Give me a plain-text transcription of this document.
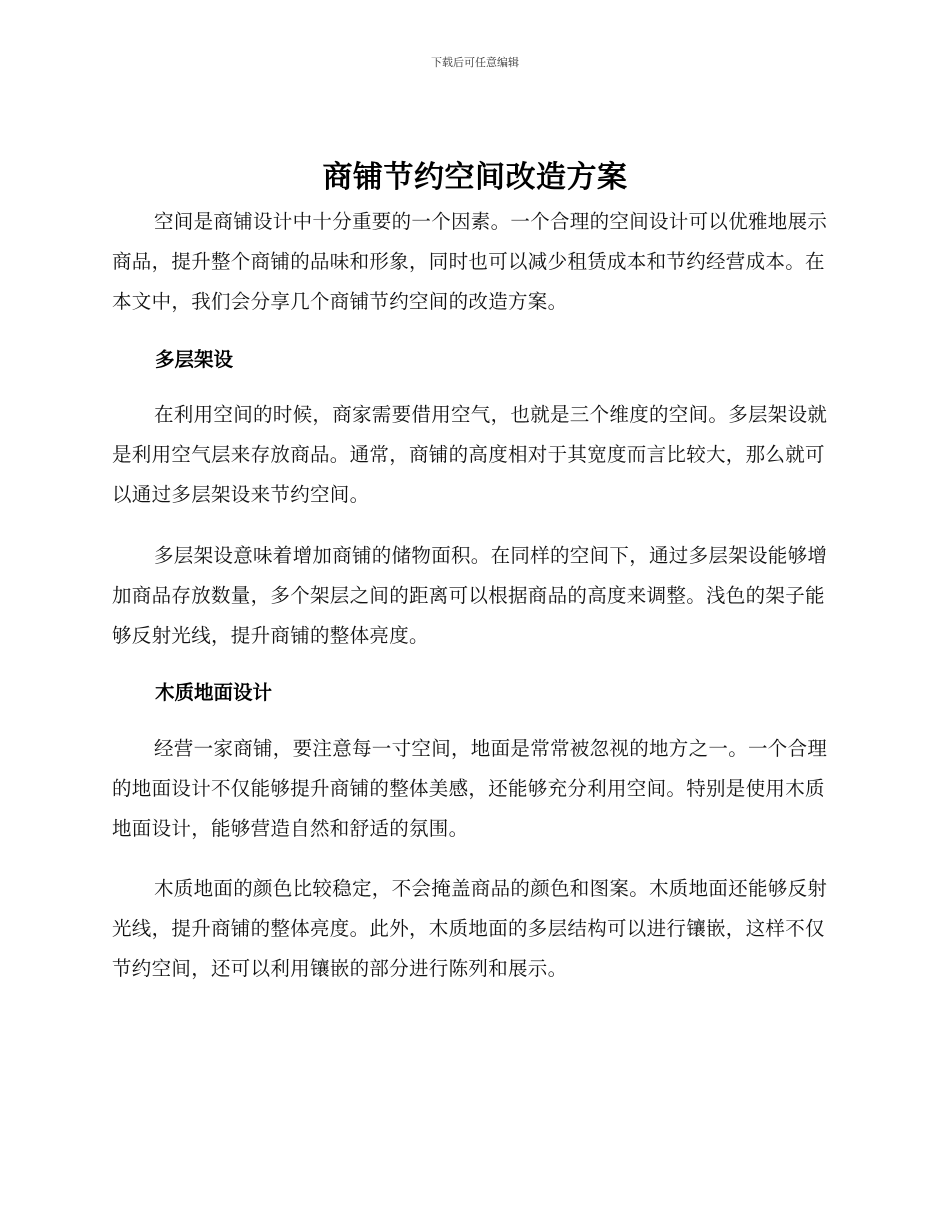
下载后可任意编辑
商铺节约空间改造方案

空间是商铺设计中十分重要的一个因素。一个合理的空间设计可以优雅地展示商品，提升整个商铺的品味和形象，同时也可以减少租赁成本和节约经营成本。在本文中，我们会分享几个商铺节约空间的改造方案。

多层架设

在利用空间的时候，商家需要借用空气，也就是三个维度的空间。多层架设就是利用空气层来存放商品。通常，商铺的高度相对于其宽度而言比较大，那么就可以通过多层架设来节约空间。

多层架设意味着增加商铺的储物面积。在同样的空间下，通过多层架设能够增加商品存放数量，多个架层之间的距离可以根据商品的高度来调整。浅色的架子能够反射光线，提升商铺的整体亮度。

木质地面设计

经营一家商铺，要注意每一寸空间，地面是常常被忽视的地方之一。一个合理的地面设计不仅能够提升商铺的整体美感，还能够充分利用空间。特别是使用木质地面设计，能够营造自然和舒适的氛围。

木质地面的颜色比较稳定，不会掩盖商品的颜色和图案。木质地面还能够反射光线，提升商铺的整体亮度。此外，木质地面的多层结构可以进行镶嵌，这样不仅节约空间，还可以利用镶嵌的部分进行陈列和展示。
